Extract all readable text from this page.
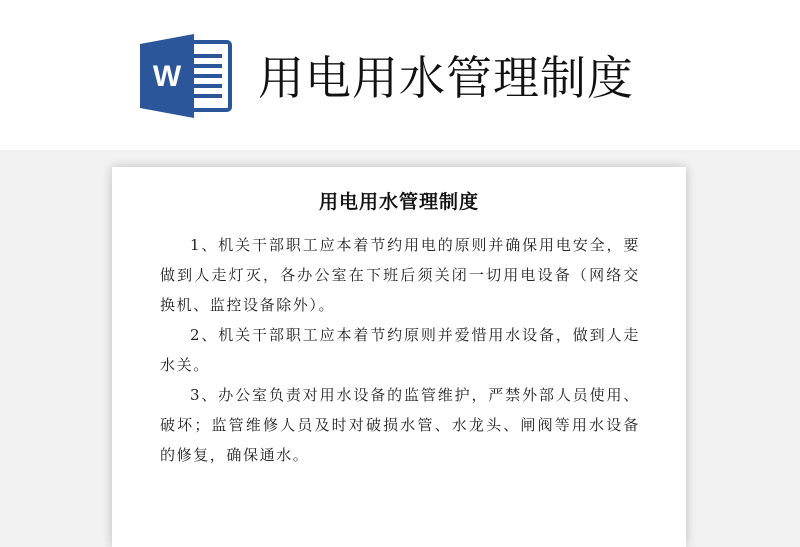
W 用电用水管理制度
用电用水管理制度

1、机关干部职工应本着节约用电的原则并确保用电安全，要做到人走灯灭，各办公室在下班后须关闭一切用电设备（网络交换机、监控设备除外）。

2、机关干部职工应本着节约原则并爱惜用水设备，做到人走水关。

3、办公室负责对用水设备的监管维护，严禁外部人员使用、破坏；监管维修人员及时对破损水管、水龙头、闸阀等用水设备的修复，确保通水。
